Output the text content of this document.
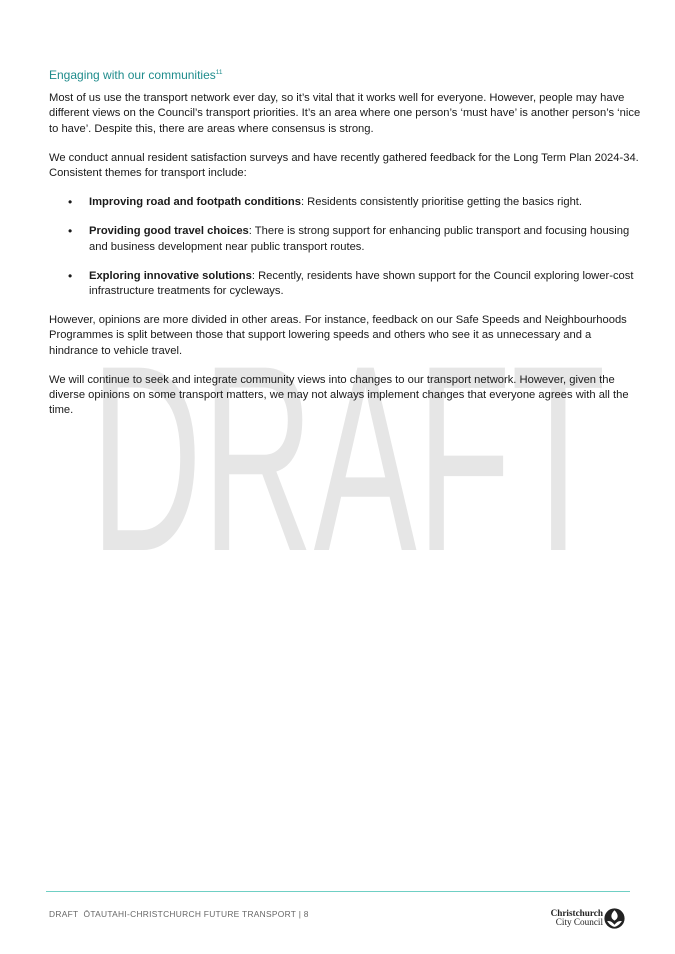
DRAFT
Engaging with our communities$^{11}$

Most of us use the transport network ever day, so it’s vital that it works well for everyone. However, people may have different views on the Council’s transport priorities. It’s an area where one person’s ‘must have’ is another person’s ‘nice to have’. Despite this, there are areas where consensus is strong.

We conduct annual resident satisfaction surveys and have recently gathered feedback for the Long Term Plan 2024-34. Consistent themes for transport include:

• Improving road and footpath conditions: Residents consistently prioritise getting the basics right.
• Providing good travel choices: There is strong support for enhancing public transport and focusing housing and business development near public transport routes.
• Exploring innovative solutions: Recently, residents have shown support for the Council exploring lower-cost infrastructure treatments for cycleways.

However, opinions are more divided in other areas. For instance, feedback on our Safe Speeds and Neighbourhoods Programmes is split between those that support lowering speeds and others who see it as unnecessary and a hindrance to vehicle travel.

We will continue to seek and integrate community views into changes to our transport network. However, given the diverse opinions on some transport matters, we may not always implement changes that everyone agrees with all the time.

DRAFT  ŌTAUTAHI-CHRISTCHURCH FUTURE TRANSPORT | 8	Christchurch
City Council
